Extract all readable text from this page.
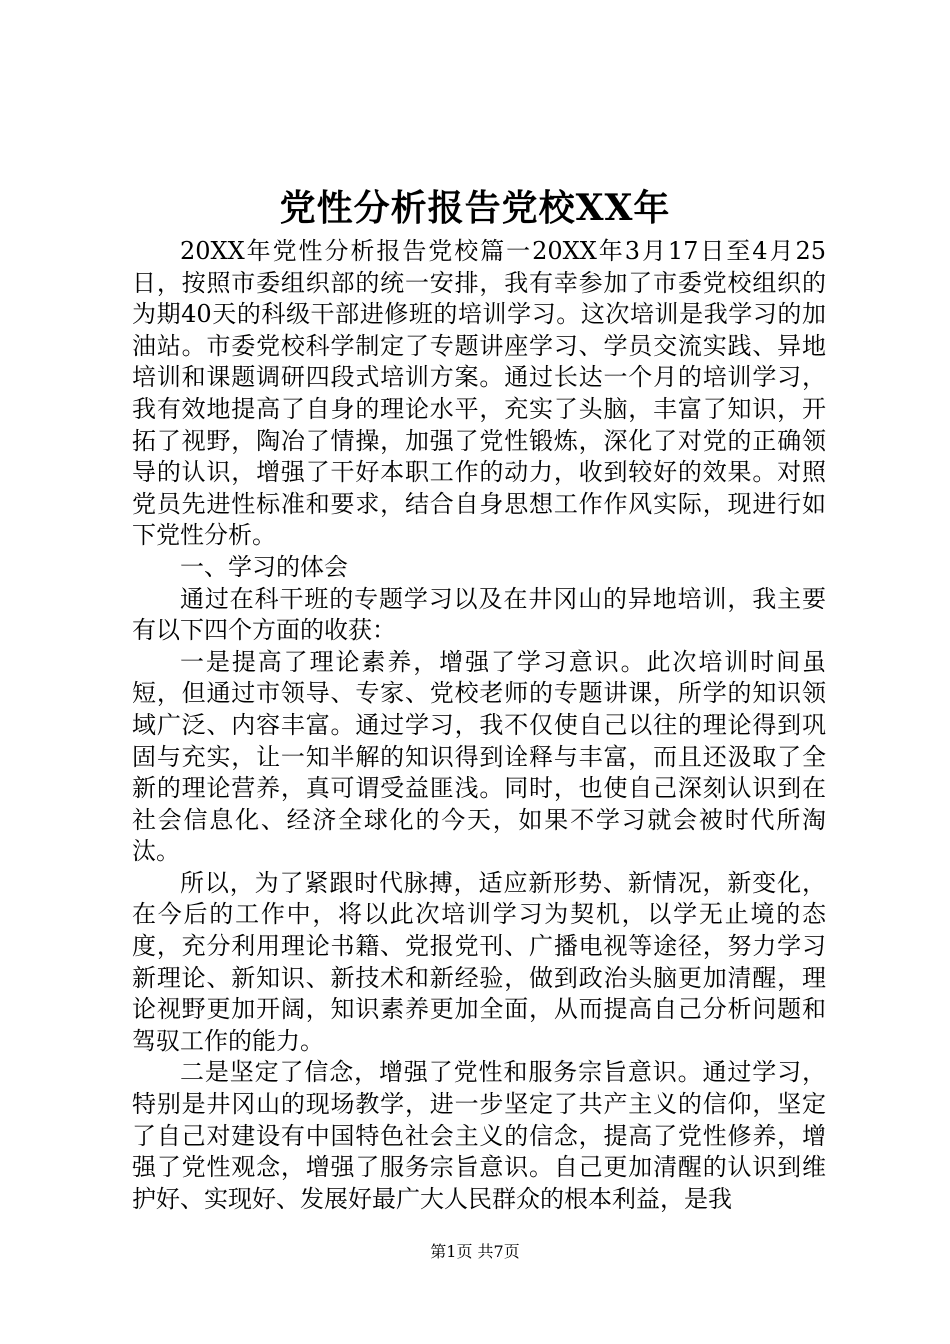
党性分析报告党校XX年

20XX年党性分析报告党校篇一20XX年3月17日至4月25日，按照市委组织部的统一安排，我有幸参加了市委党校组织的为期40天的科级干部进修班的培训学习。这次培训是我学习的加油站。市委党校科学制定了专题讲座学习、学员交流实践、异地培训和课题调研四段式培训方案。通过长达一个月的培训学习，我有效地提高了自身的理论水平，充实了头脑，丰富了知识，开拓了视野，陶冶了情操，加强了党性锻炼，深化了对党的正确领导的认识，增强了干好本职工作的动力，收到较好的效果。对照党员先进性标准和要求，结合自身思想工作作风实际，现进行如下党性分析。

一、学习的体会

通过在科干班的专题学习以及在井冈山的异地培训，我主要有以下四个方面的收获：

一是提高了理论素养，增强了学习意识。此次培训时间虽短，但通过市领导、专家、党校老师的专题讲课，所学的知识领域广泛、内容丰富。通过学习，我不仅使自己以往的理论得到巩固与充实，让一知半解的知识得到诠释与丰富，而且还汲取了全新的理论营养，真可谓受益匪浅。同时，也使自己深刻认识到在社会信息化、经济全球化的今天，如果不学习就会被时代所淘汰。

所以，为了紧跟时代脉搏，适应新形势、新情况，新变化，在今后的工作中，将以此次培训学习为契机，以学无止境的态度，充分利用理论书籍、党报党刊、广播电视等途径，努力学习新理论、新知识、新技术和新经验，做到政治头脑更加清醒，理论视野更加开阔，知识素养更加全面，从而提高自己分析问题和驾驭工作的能力。

二是坚定了信念，增强了党性和服务宗旨意识。通过学习，特别是井冈山的现场教学，进一步坚定了共产主义的信仰，坚定了自己对建设有中国特色社会主义的信念，提高了党性修养，增强了党性观念，增强了服务宗旨意识。自己更加清醒的认识到维护好、实现好、发展好最广大人民群众的根本利益，是我

第1页 共7页
